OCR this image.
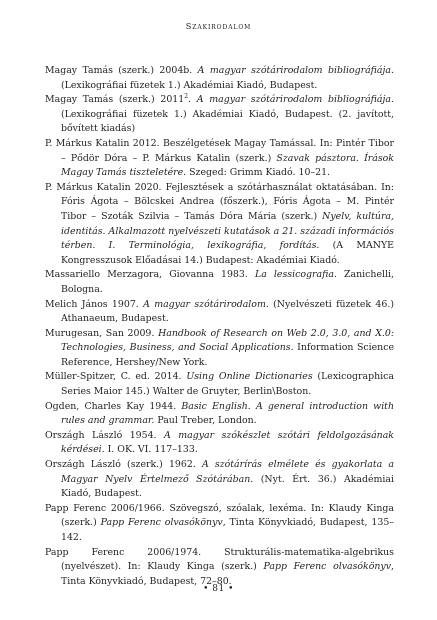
Szakirodalom

Magay Tamás (szerk.) 2004b. A magyar szótárirodalom bibliográfiája. (Lexikográfiai füzetek 1.) Akadémiai Kiadó, Budapest.

Magay Tamás (szerk.) 2011$^2$. A magyar szótárirodalom bibliográfiája. (Lexikográfiai füzetek 1.) Akadémiai Kiadó, Budapest. (2. javított, bővített kiadás)

P. Márkus Katalin 2012. Beszélgetések Magay Tamással. In: Pintér Tibor – Pődör Dóra – P. Márkus Katalin (szerk.) Szavak pásztora. Írások Magay Tamás tiszteletére. Szeged: Grimm Kiadó. 10–21.

P. Márkus Katalin 2020. Fejlesztések a szótárhasználat oktatásában. In: Fóris Ágota – Bölcskei Andrea (főszerk.), Fóris Ágota – M. Pintér Tibor – Szoták Szilvia – Tamás Dóra Mária (szerk.) Nyelv, kultúra, identitás. Alkalmazott nyelvészeti kutatások a 21. századi információs térben. I. Terminológia, lexikográfia, fordítás. (A MANYE Kongresszusok Előadásai 14.) Budapest: Akadémiai Kiadó.

Massariello Merzagora, Giovanna 1983. La lessicografia. Zanichelli, Bologna.

Melich János 1907. A magyar szótárirodalom. (Nyelvészeti füzetek 46.) Athanaeum, Budapest.

Murugesan, San 2009. Handbook of Research on Web 2.0, 3.0, and X.0: Technologies, Business, and Social Applications. Information Science Reference, Hershey/New York.

Müller-Spitzer, C. ed. 2014. Using Online Dictionaries (Lexicographica Series Maior 145.) Walter de Gruyter, Berlin\Boston.

Ogden, Charles Kay 1944. Basic English. A general introduction with rules and grammar. Paul Treber, London.

Országh László 1954. A magyar szókészlet szótári feldolgozásának kérdései. I. OK. VI. 117–133.

Országh László (szerk.) 1962. A szótárírás elmélete és gyakorlata a Magyar Nyelv Értelmező Szótárában. (Nyt. Ért. 36.) Akadémiai Kiadó, Budapest.

Papp Ferenc 2006/1966. Szövegszó, szóalak, lexéma. In: Klaudy Kinga (szerk.) Papp Ferenc olvasókönyv, Tinta Könyvkiadó, Budapest, 135–142.

Papp Ferenc 2006/1974. Strukturális-matematika-algebrikus (nyelvészet). In: Klaudy Kinga (szerk.) Papp Ferenc olvasókönyv, Tinta Könyvkiadó, Budapest, 72–80.

• 81 •
